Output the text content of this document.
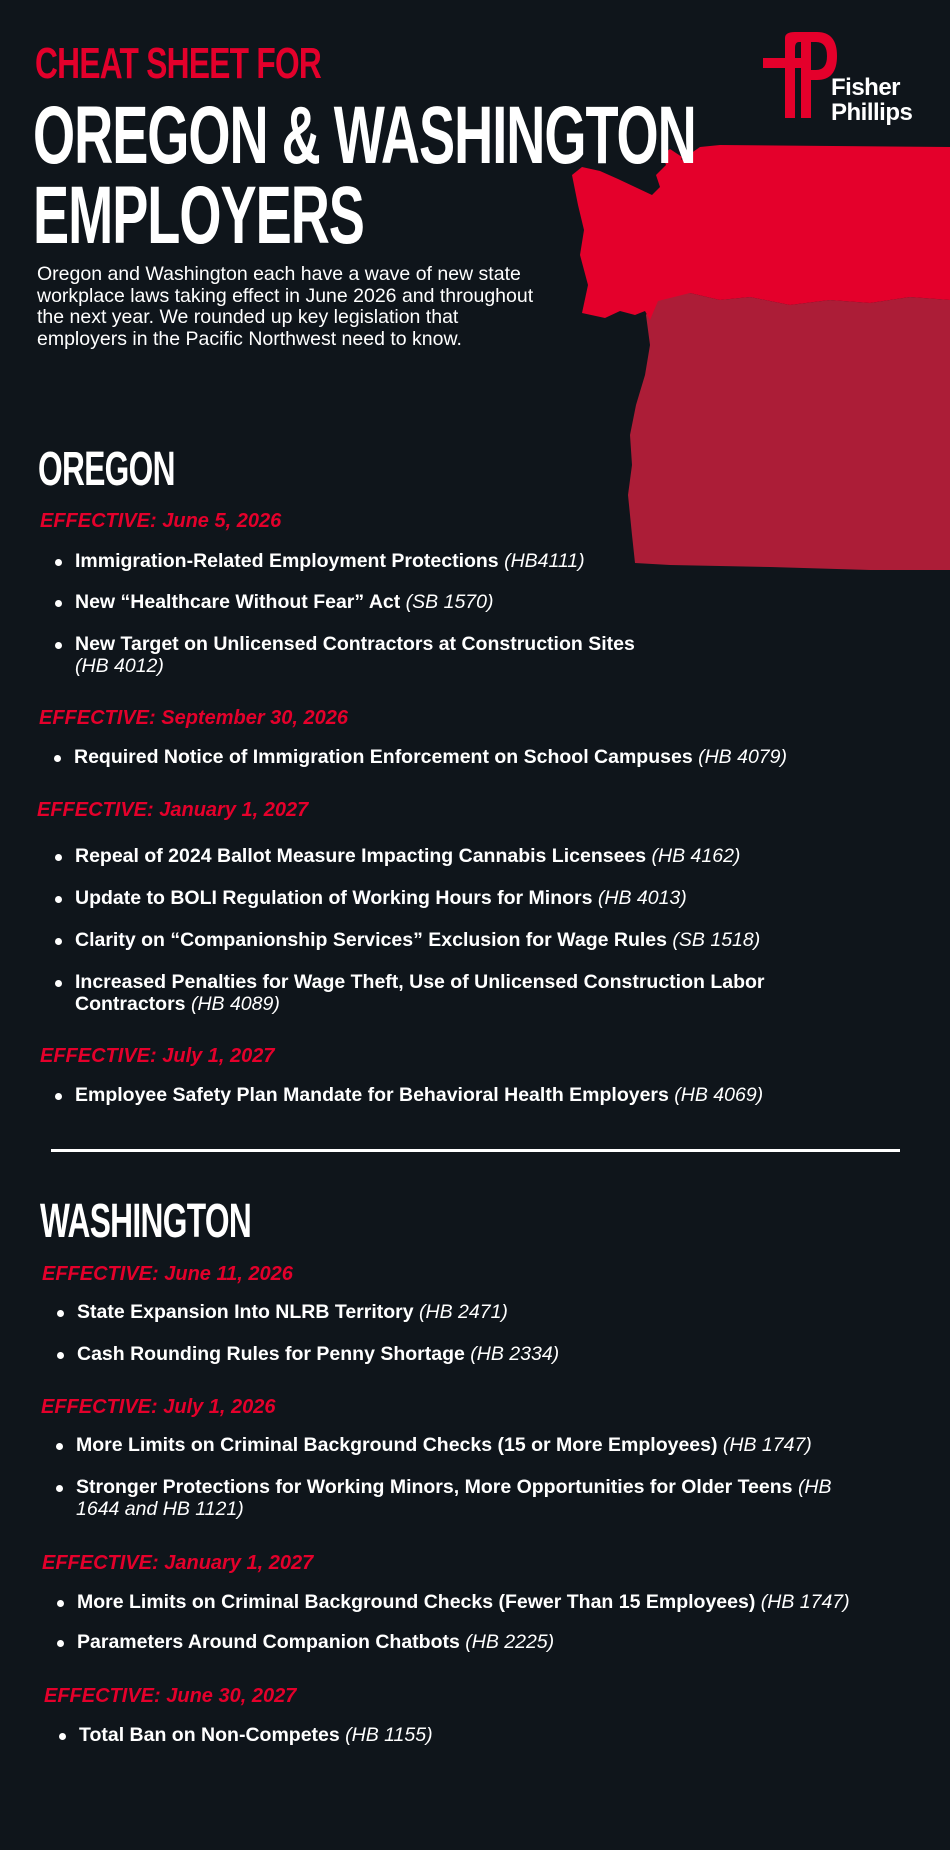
Fisher
Phillips
CHEAT SHEET FOR
OREGON & WASHINGTON
EMPLOYERS
Oregon and Washington each have a wave of new state workplace laws taking effect in June 2026 and throughout the next year. We rounded up key legislation that employers in the Pacific Northwest need to know.
OREGON
EFFECTIVE: June 5, 2026
Immigration-Related Employment Protections (HB4111)
New “Healthcare Without Fear” Act (SB 1570)
New Target on Unlicensed Contractors at Construction Sites (HB 4012)
EFFECTIVE: September 30, 2026
Required Notice of Immigration Enforcement on School Campuses (HB 4079)
EFFECTIVE: January 1, 2027
Repeal of 2024 Ballot Measure Impacting Cannabis Licensees (HB 4162)
Update to BOLI Regulation of Working Hours for Minors (HB 4013)
Clarity on “Companionship Services” Exclusion for Wage Rules (SB 1518)
Increased Penalties for Wage Theft, Use of Unlicensed Construction Labor Contractors (HB 4089)
EFFECTIVE: July 1, 2027
Employee Safety Plan Mandate for Behavioral Health Employers (HB 4069)
WASHINGTON
EFFECTIVE: June 11, 2026
State Expansion Into NLRB Territory (HB 2471)
Cash Rounding Rules for Penny Shortage (HB 2334)
EFFECTIVE: July 1, 2026
More Limits on Criminal Background Checks (15 or More Employees) (HB 1747)
Stronger Protections for Working Minors, More Opportunities for Older Teens (HB 1644 and HB 1121)
EFFECTIVE: January 1, 2027
More Limits on Criminal Background Checks (Fewer Than 15 Employees) (HB 1747)
Parameters Around Companion Chatbots (HB 2225)
EFFECTIVE: June 30, 2027
Total Ban on Non-Competes (HB 1155)
